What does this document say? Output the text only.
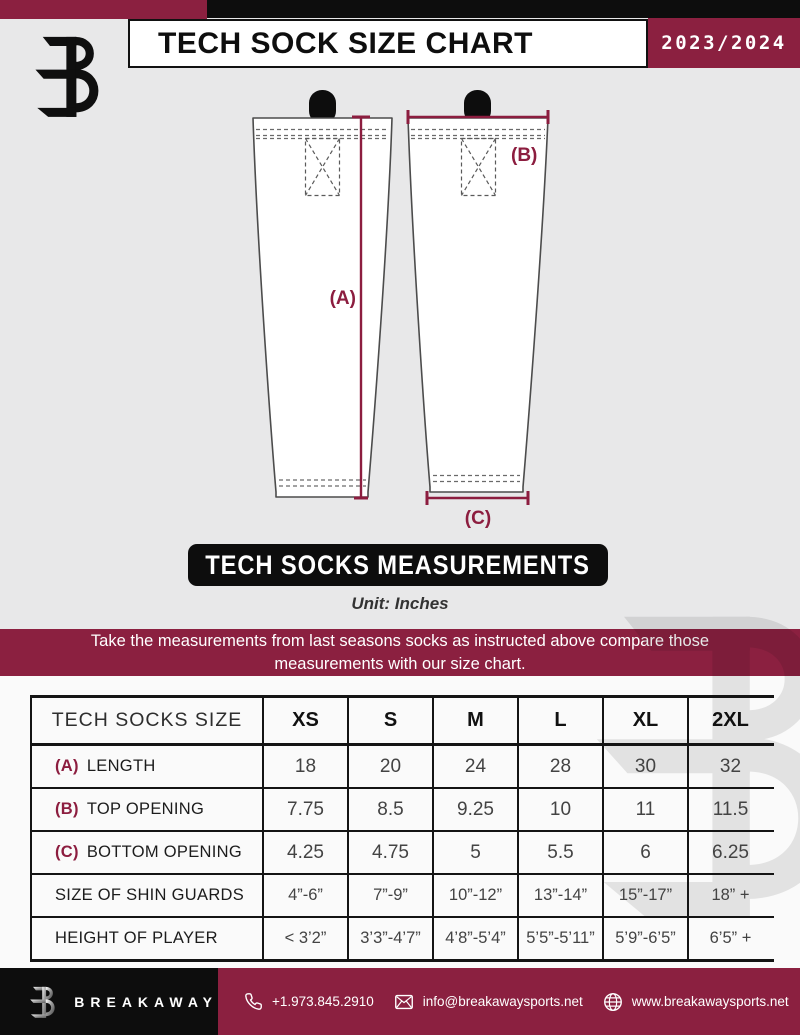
TECH SOCK SIZE CHART	2023/2024
(A)
(B)
(C)
TECH SOCKS MEASUREMENTS
Unit: Inches
Take the measurements from last seasons socks as instructed above compare those measurements with our size chart.
TECH SOCKS SIZE	XS	S	M	L	XL	2XL
(A) LENGTH	18	20	24	28	30	32
(B) TOP OPENING	7.75	8.5	9.25	10	11	11.5
(C) BOTTOM OPENING	4.25	4.75	5	5.5	6	6.25
SIZE OF SHIN GUARDS	4”-6”	7”-9”	10”-12”	13”-14”	15”-17”	18” +
HEIGHT OF PLAYER	< 3’2”	3’3”-4’7”	4’8”-5’4”	5’5”-5’11”	5’9”-6’5”	6’5” +
BREAKAWAY	+1.973.845.2910	info@breakawaysports.net	www.breakawaysports.net
